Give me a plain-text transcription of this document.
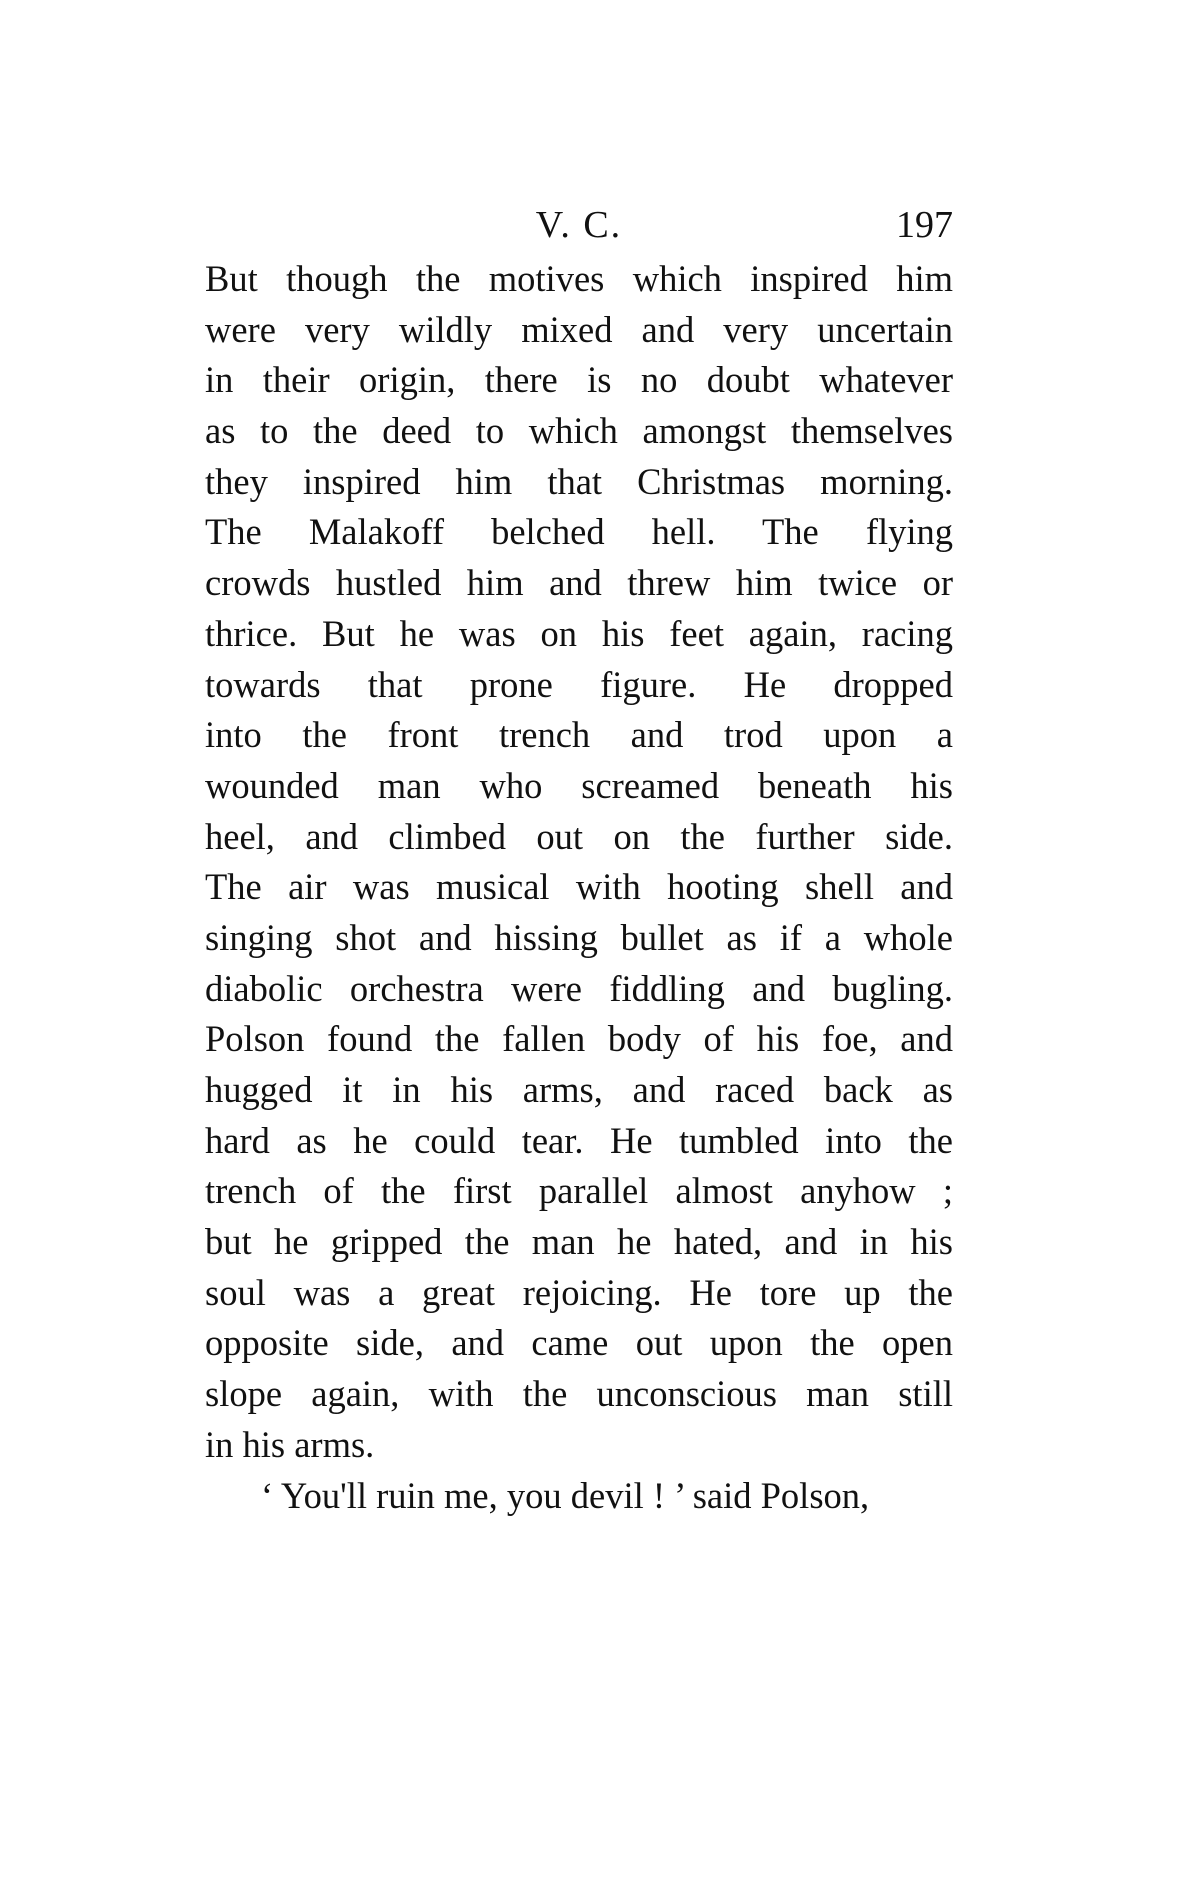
V. C.	197
But though the motives which inspired him
were very wildly mixed and very uncertain
in their origin, there is no doubt whatever
as to the deed to which amongst themselves
they inspired him that Christmas morning.
The Malakoff belched hell. The flying
crowds hustled him and threw him twice or
thrice. But he was on his feet again, racing
towards that prone figure. He dropped
into the front trench and trod upon a
wounded man who screamed beneath his
heel, and climbed out on the further side.
The air was musical with hooting shell and
singing shot and hissing bullet as if a whole
diabolic orchestra were fiddling and bugling.
Polson found the fallen body of his foe, and
hugged it in his arms, and raced back as
hard as he could tear. He tumbled into the
trench of the first parallel almost anyhow ;
but he gripped the man he hated, and in his
soul was a great rejoicing. He tore up the
opposite side, and came out upon the open
slope again, with the unconscious man still
in his arms.
‘ You'll ruin me, you devil ! ’ said Polson,
